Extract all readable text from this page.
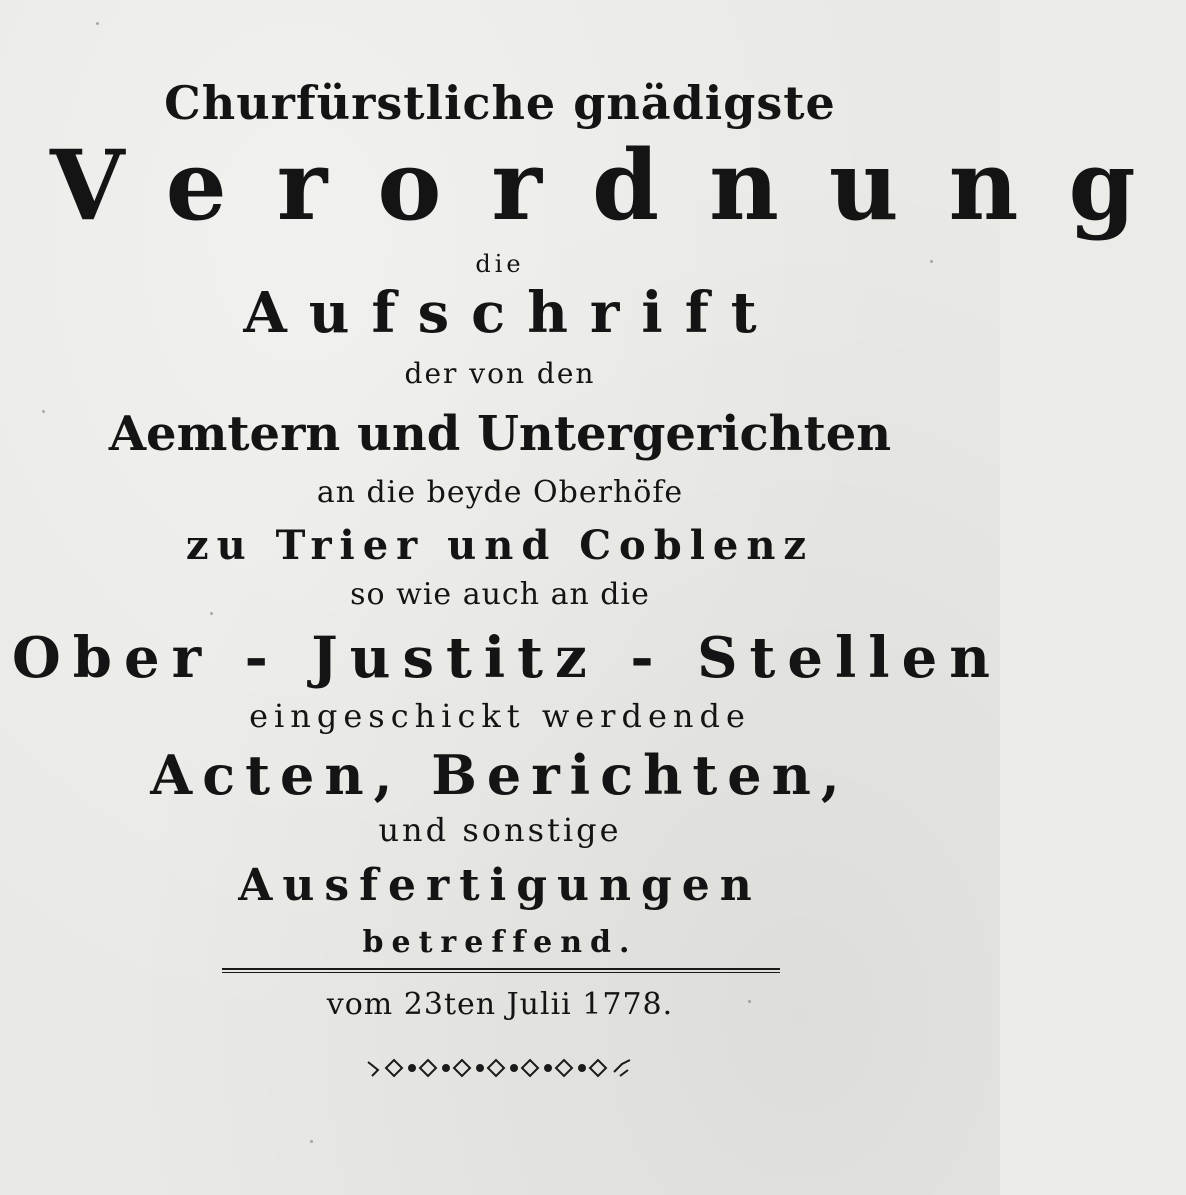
Churfürstliche gnädigste
Verordnung
die
Aufschrift
der von den
Aemtern und Untergerichten
an die beyde Oberhöfe
zu Trier und Coblenz
so wie auch an die
Ober - Justitz - Stellen
eingeschickt werdende
Acten, Berichten,
und sonstige
Ausfertigungen
betreffend.
vom 23ten Julii 1778.
